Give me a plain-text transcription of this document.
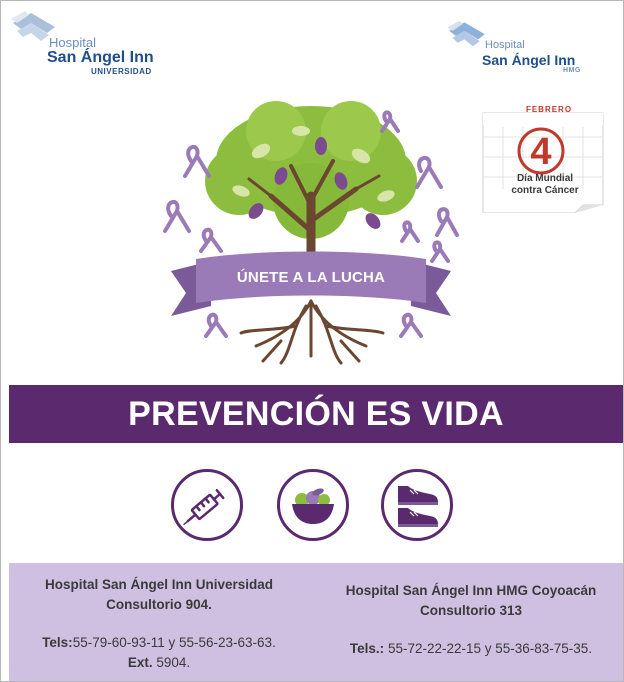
Hospital
San Ángel Inn
UNIVERSIDAD
Hospital
San Ángel Inn
HMG
ÚNETE A LA LUCHA
FEBRERO
4
Día Mundial
contra Cáncer
PREVENCIÓN ES VIDA
Hospital San Ángel Inn Universidad
Consultorio 904.
Tels:55-79-60-93-11 y 55-56-23-63-63.
Ext. 5904.
Hospital San Ángel Inn HMG Coyoacán
Consultorio 313
Tels.: 55-72-22-22-15 y 55-36-83-75-35.
